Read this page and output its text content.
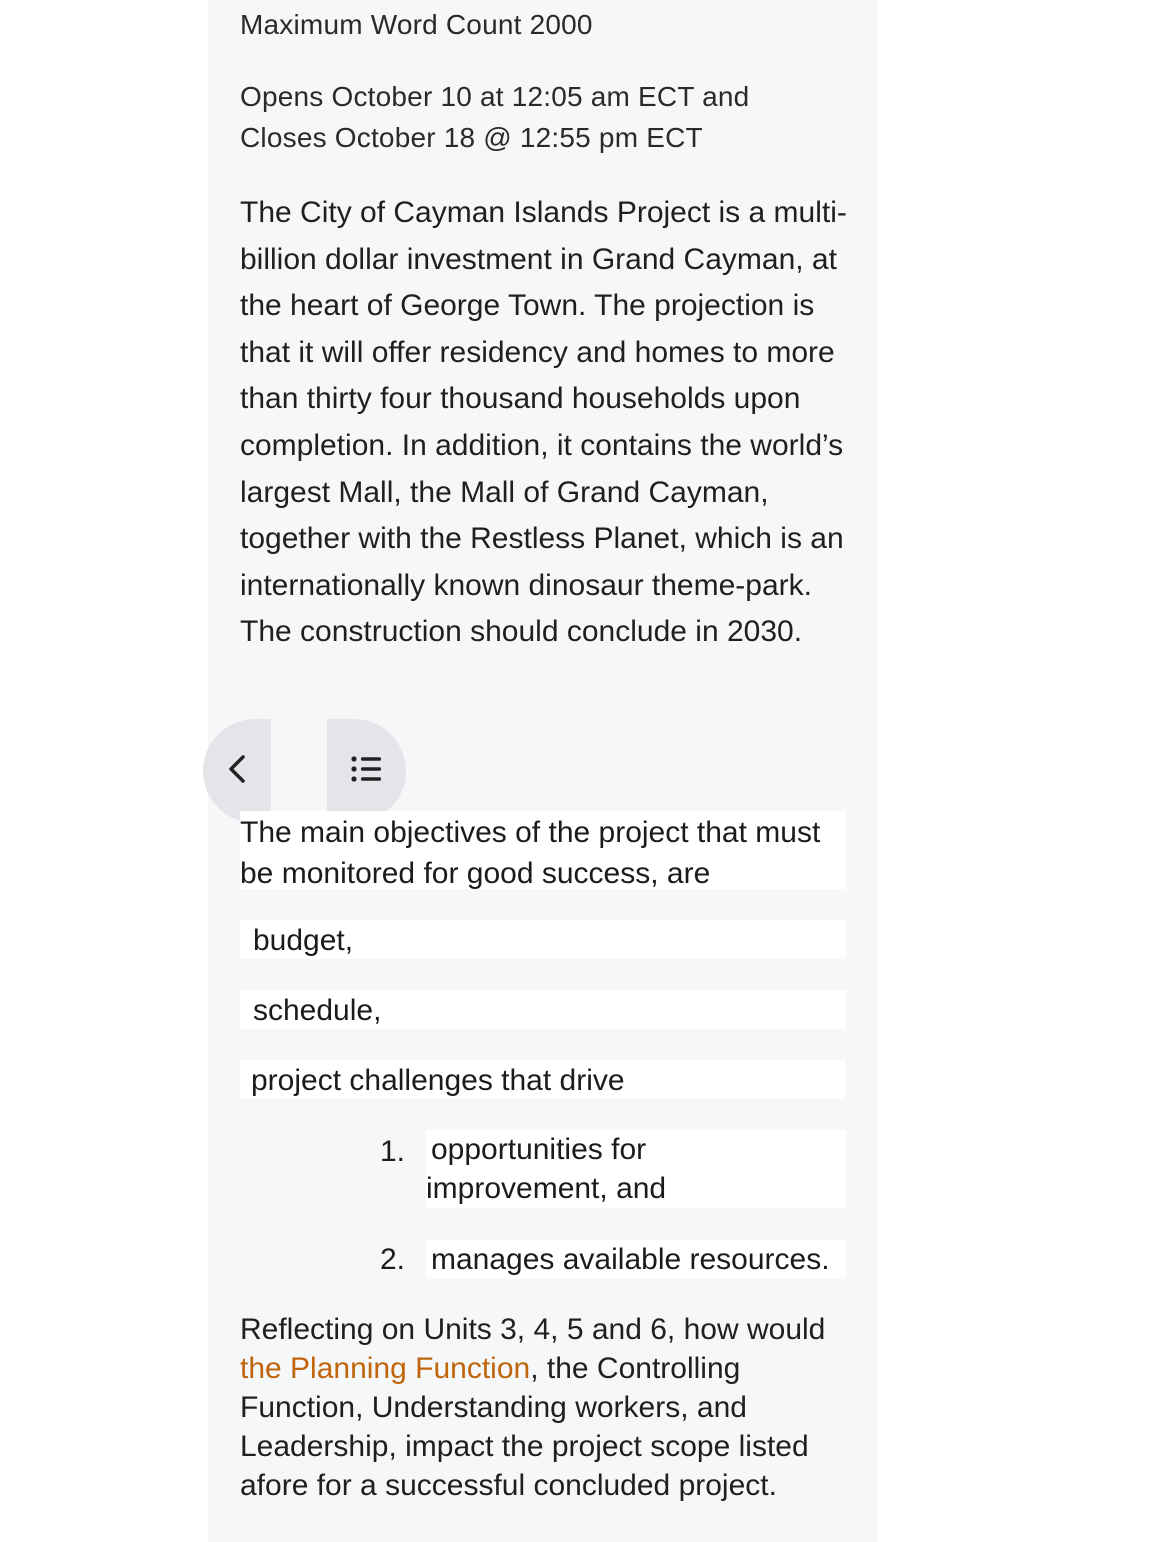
Maximum Word Count 2000
Opens October 10 at 12:05 am ECT and Closes October 18 @ 12:55 pm ECT
The City of Cayman Islands Project is a multi-billion dollar investment in Grand Cayman, at the heart of George Town. The projection is that it will offer residency and homes to more than thirty four thousand households upon completion. In addition, it contains the world’s largest Mall, the Mall of Grand Cayman, together with the Restless Planet, which is an internationally known dinosaur theme-park. The construction should conclude in 2030.
The main objectives of the project that must
be monitored for good success, are
budget,
schedule,
project challenges that drive
1. opportunities for
improvement, and
2. manages available resources.
Reflecting on Units 3, 4, 5 and 6, how would the Planning Function, the Controlling Function, Understanding workers, and Leadership, impact the project scope listed afore for a successful concluded project.
